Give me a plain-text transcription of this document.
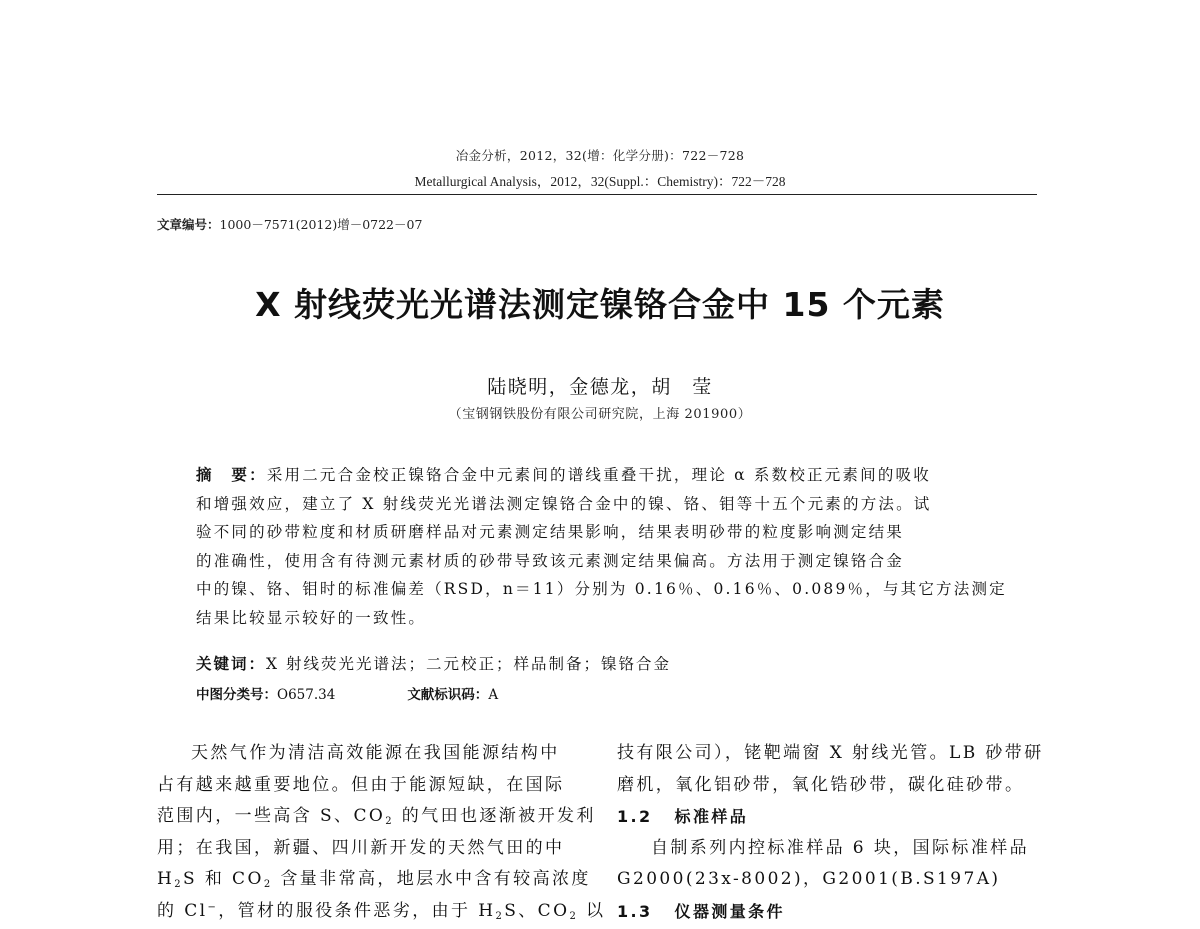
冶金分析，2012，32(增：化学分册)：722－728
Metallurgical Analysis，2012，32(Suppl.：Chemistry)：722－728
文章编号：1000－7571(2012)增－0722－07
X 射线荧光光谱法测定镍铬合金中 15 个元素
陆晓明，金德龙，胡　莹
（宝钢钢铁股份有限公司研究院，上海 201900）
摘　要：采用二元合金校正镍铬合金中元素间的谱线重叠干扰，理论 α 系数校正元素间的吸收
和增强效应，建立了 X 射线荧光光谱法测定镍铬合金中的镍、铬、钼等十五个元素的方法。试
验不同的砂带粒度和材质研磨样品对元素测定结果影响，结果表明砂带的粒度影响测定结果
的准确性，使用含有待测元素材质的砂带导致该元素测定结果偏高。方法用于测定镍铬合金
中的镍、铬、钼时的标准偏差（RSD，n＝11）分别为 0.16％、0.16％、0.089％，与其它方法测定
结果比较显示较好的一致性。
关键词：X 射线荧光光谱法；二元校正；样品制备；镍铬合金
中图分类号：O657.34	文献标识码：A
天然气作为清洁高效能源在我国能源结构中
占有越来越重要地位。但由于能源短缺，在国际
范围内，一些高含 S、$CO_2$ 的气田也逐渐被开发利
用；在我国，新疆、四川新开发的天然气田的中
$H_2S$ 和 $CO_2$ 含量非常高，地层水中含有较高浓度
的 Cl−，管材的服役条件恶劣，由于 $H_2S$、$CO_2$ 以
技有限公司），铑靶端窗 X 射线光管。LB 砂带研
磨机，氧化铝砂带，氧化锆砂带，碳化硅砂带。
1.2 标准样品
自制系列内控标准样品 6 块，国际标准样品
G2000(23x-8002)，G2001(B.S197A)
1.3 仪器测量条件
